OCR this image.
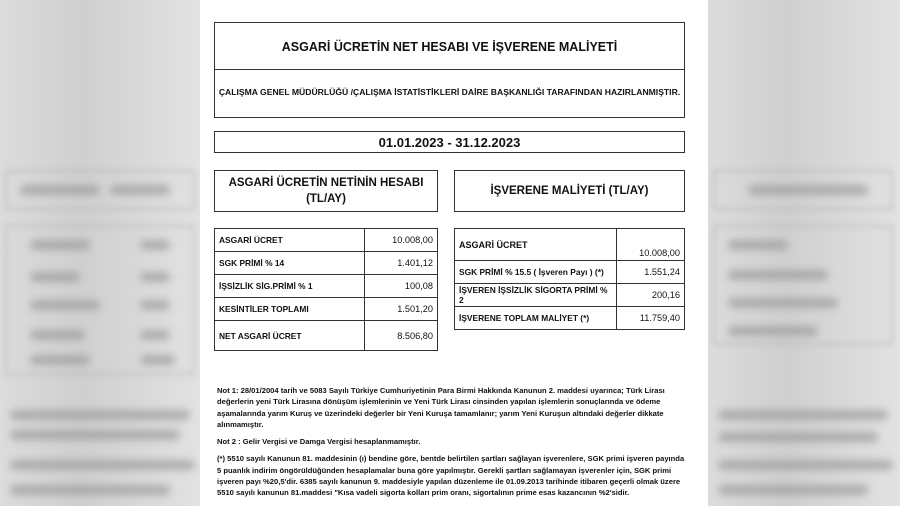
ASGARİ ÜCRETİN NET HESABI VE İŞVERENE MALİYETİ
ÇALIŞMA GENEL MÜDÜRLÜĞÜ /ÇALIŞMA İSTATİSTİKLERİ DAİRE BAŞKANLIĞI TARAFINDAN HAZIRLANMIŞTIR.
01.01.2023 - 31.12.2023
ASGARİ ÜCRETİN NETİNİN HESABI
(TL/AY)
İŞVERENE MALİYETİ (TL/AY)
ASGARİ ÜCRET	10.008,00
SGK PRİMİ % 14	1.401,12
İŞSİZLİK SİG.PRİMİ % 1	100,08
KESİNTİLER TOPLAMI	1.501,20
NET ASGARİ ÜCRET	8.506,80
ASGARİ ÜCRET	10.008,00
SGK PRİMİ % 15.5 ( İşveren Payı ) (*)	1.551,24
İŞVEREN İŞSİZLİK SİGORTA PRİMİ % 2	200,16
İŞVERENE TOPLAM MALİYET (*)	11.759,40

Not 1: 28/01/2004 tarih ve 5083 Sayılı Türkiye Cumhuriyetinin Para Birmi Hakkında Kanunun 2. maddesi uyarınca; Türk Lirası değerlerin yeni Türk Lirasına dönüşüm işlemlerinin ve Yeni Türk Lirası cinsinden yapılan işlemlerin sonuçlarında ve ödeme aşamalarında yarım Kuruş ve üzerindeki değerler bir Yeni Kuruşa tamamlanır; yarım Yeni Kuruşun altındaki değerler dikkate alınmamıştır.

Not 2 : Gelir Vergisi ve Damga Vergisi hesaplanmamıştır.

(*) 5510 sayılı Kanunun 81. maddesinin (ı) bendine göre, bentde belirtilen şartları sağlayan işverenlere, SGK primi işveren payında 5 puanlık indirim öngörüldüğünden hesaplamalar buna göre yapılmıştır. Gerekli şartları sağlamayan işverenler için, SGK primi işveren payı %20,5'dir. 6385 sayılı kanunun 9. maddesiyle yapılan düzenleme ile 01.09.2013 tarihinde itibaren geçerli olmak üzere 5510 sayılı kanunun 81.maddesi "Kısa vadeli sigorta kolları prim oranı, sigortalının prime esas kazancının %2'sidir.
